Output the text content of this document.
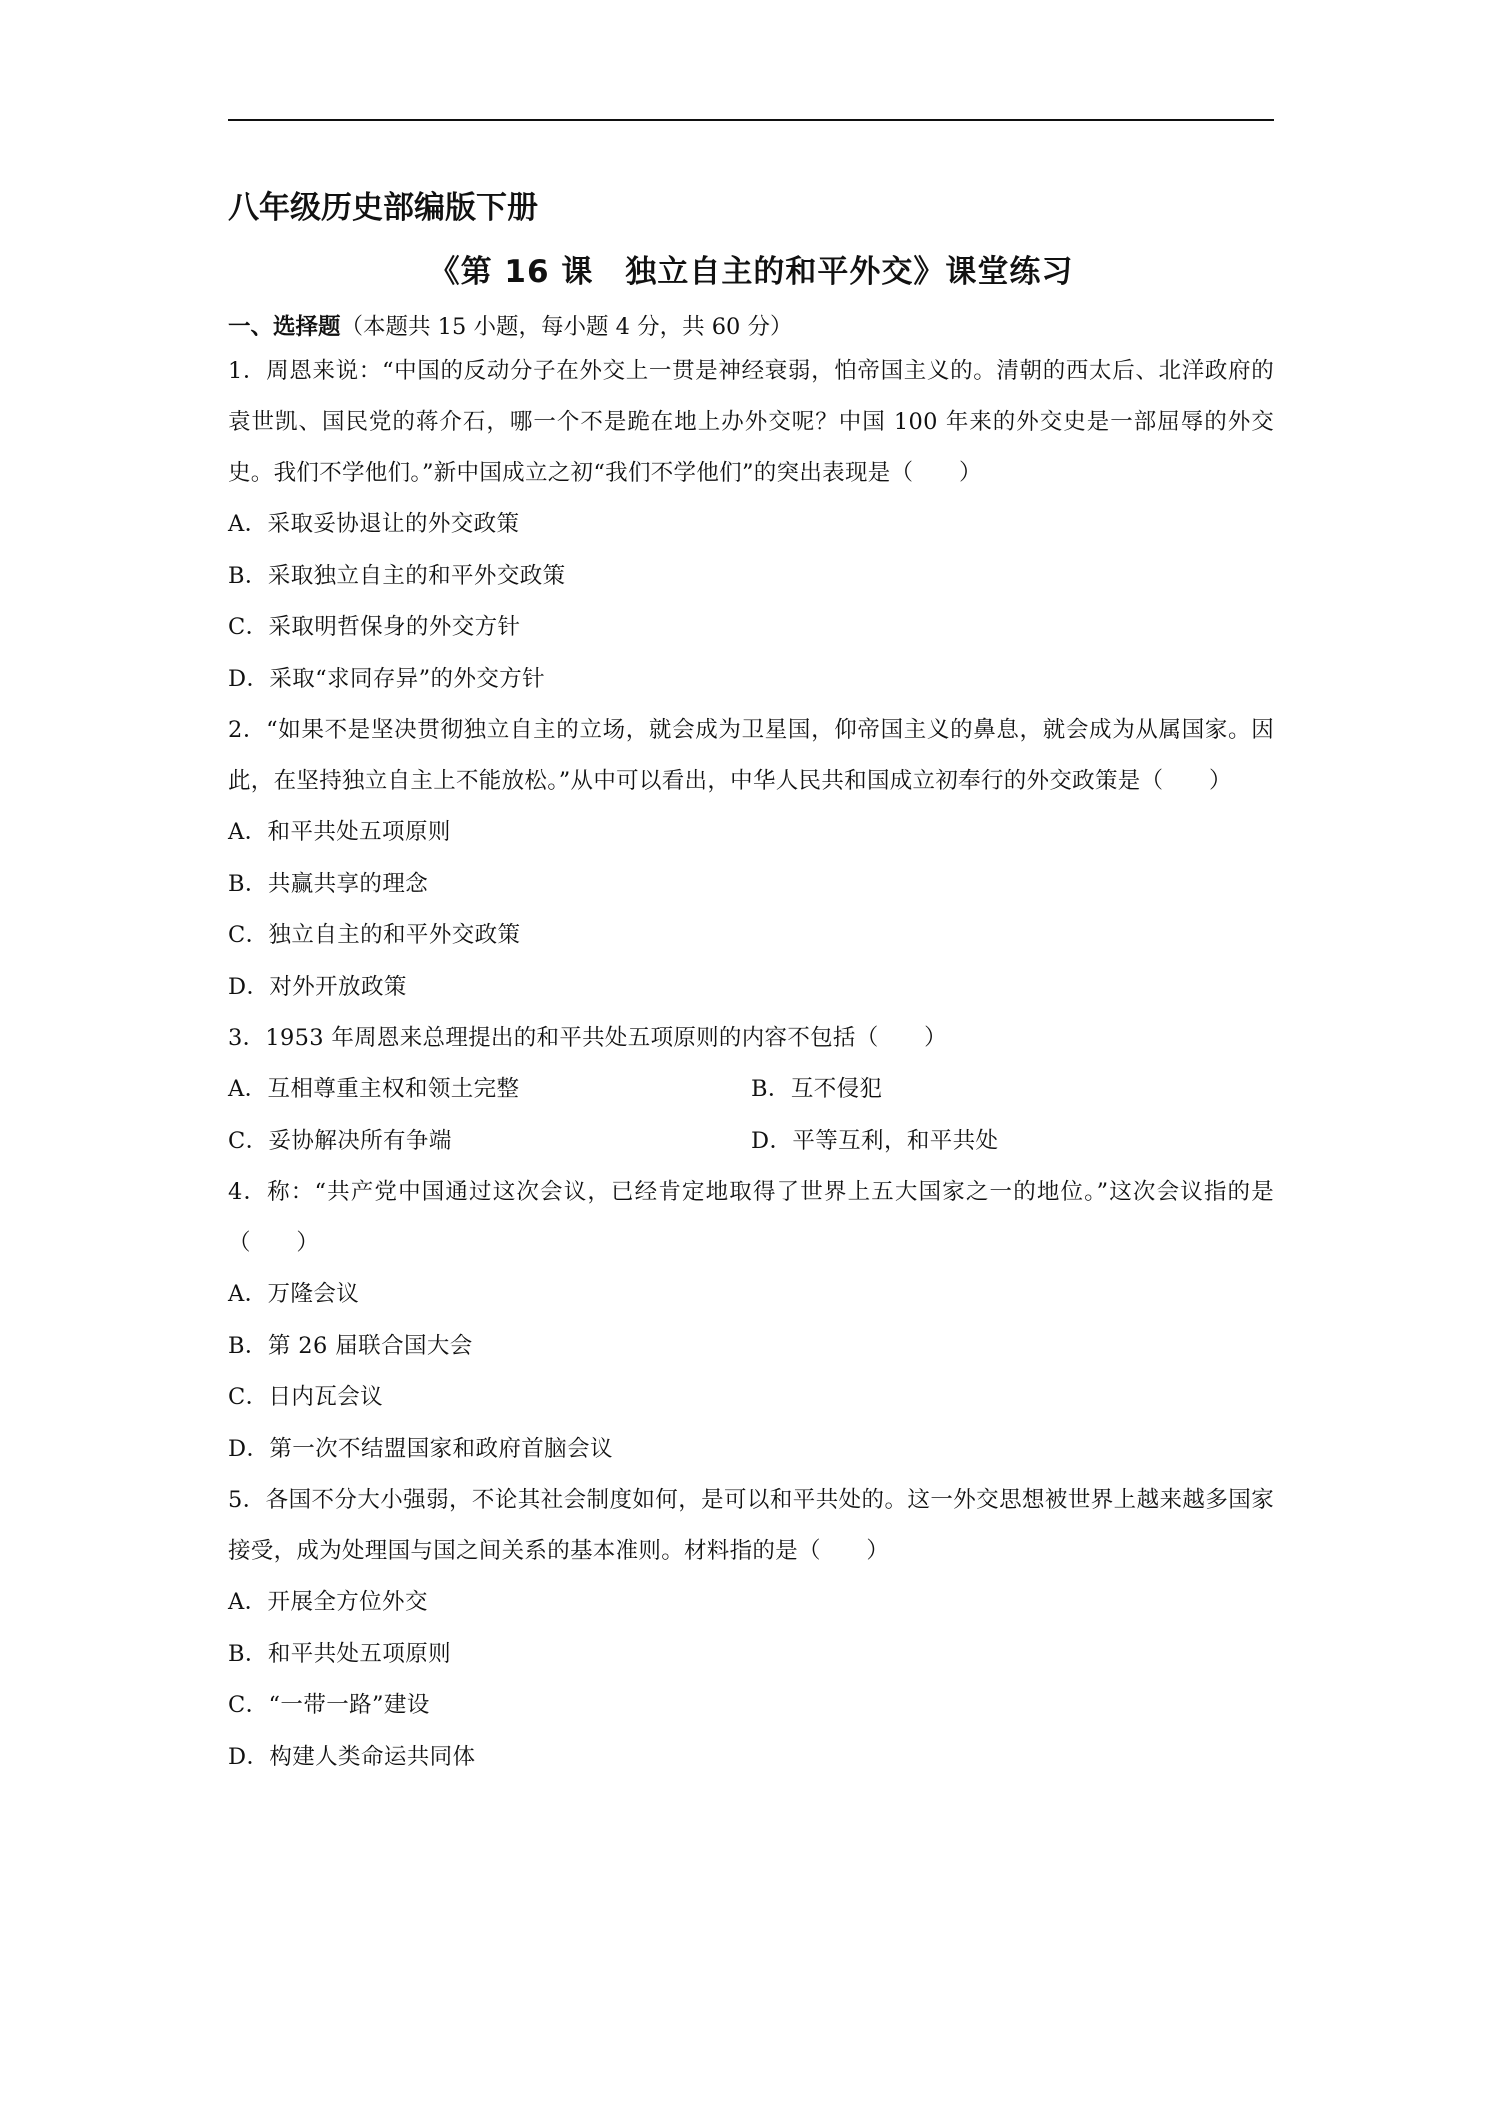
八年级历史部编版下册
《第 16 课　独立自主的和平外交》课堂练习
一、选择题（本题共 15 小题，每小题 4 分，共 60 分）

1．周恩来说：“中国的反动分子在外交上一贯是神经衰弱，怕帝国主义的。清朝的西太后、北洋政府的袁世凯、国民党的蒋介石，哪一个不是跪在地上办外交呢？中国 100 年来的外交史是一部屈辱的外交史。我们不学他们。”新中国成立之初“我们不学他们”的突出表现是（　　）

A．采取妥协退让的外交政策
B．采取独立自主的和平外交政策
C．采取明哲保身的外交方针
D．采取“求同存异”的外交方针

2．“如果不是坚决贯彻独立自主的立场，就会成为卫星国，仰帝国主义的鼻息，就会成为从属国家。因此，在坚持独立自主上不能放松。”从中可以看出，中华人民共和国成立初奉行的外交政策是（　　）

A．和平共处五项原则
B．共赢共享的理念
C．独立自主的和平外交政策
D．对外开放政策

3．1953 年周恩来总理提出的和平共处五项原则的内容不包括（　　）

A．互相尊重主权和领土完整	B．互不侵犯
C．妥协解决所有争端	D．平等互利，和平共处

4．称：“共产党中国通过这次会议，已经肯定地取得了世界上五大国家之一的地位。”这次会议指的是（　　）

A．万隆会议
B．第 26 届联合国大会
C．日内瓦会议
D．第一次不结盟国家和政府首脑会议

5．各国不分大小强弱，不论其社会制度如何，是可以和平共处的。这一外交思想被世界上越来越多国家接受，成为处理国与国之间关系的基本准则。材料指的是（　　）

A．开展全方位外交
B．和平共处五项原则
C．“一带一路”建设
D．构建人类命运共同体
